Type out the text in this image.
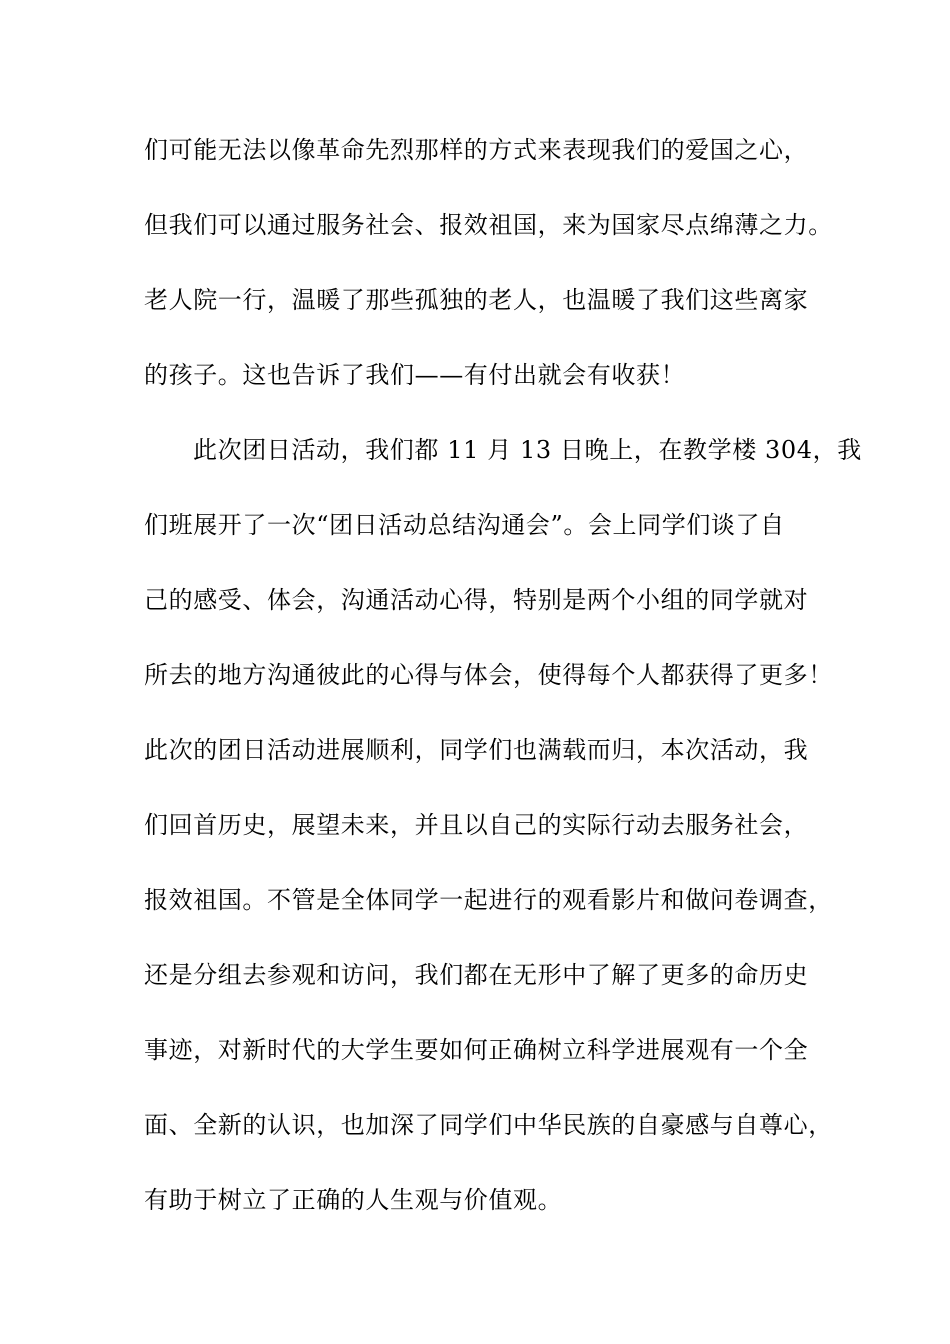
们可能无法以像革命先烈那样的方式来表现我们的爱国之心，
但我们可以通过服务社会、报效祖国，来为国家尽点绵薄之力。
老人院一行，温暖了那些孤独的老人，也温暖了我们这些离家
的孩子。这也告诉了我们——有付出就会有收获！
此次团日活动，我们都 11 月 13 日晚上，在教学楼 304，我
们班展开了一次“团日活动总结沟通会”。会上同学们谈了自
己的感受、体会，沟通活动心得，特别是两个小组的同学就对
所去的地方沟通彼此的心得与体会，使得每个人都获得了更多！
此次的团日活动进展顺利，同学们也满载而归，本次活动，我
们回首历史，展望未来，并且以自己的实际行动去服务社会，
报效祖国。不管是全体同学一起进行的观看影片和做问卷调查，
还是分组去参观和访问，我们都在无形中了解了更多的命历史
事迹，对新时代的大学生要如何正确树立科学进展观有一个全
面、全新的认识，也加深了同学们中华民族的自豪感与自尊心，
有助于树立了正确的人生观与价值观。
